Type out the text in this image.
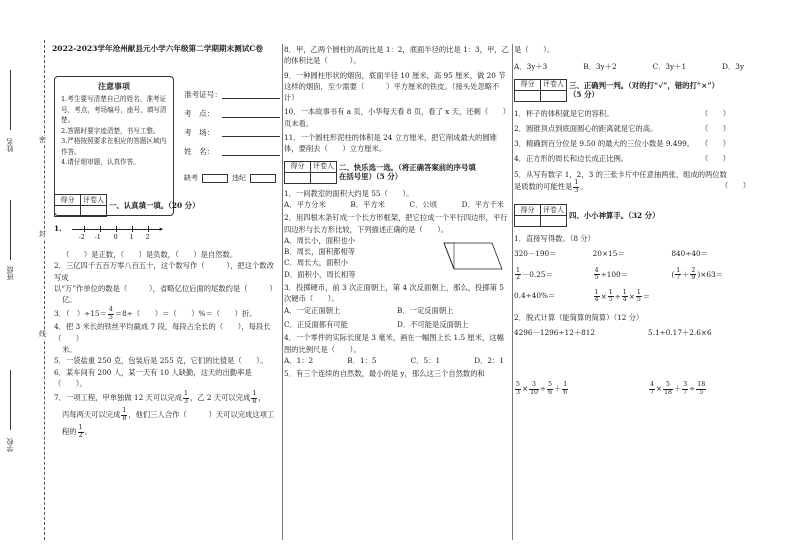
姓名
班级
学校
密
封
线
2022-2023学年沧州献县元小学六年级第二学期期末测试C卷
注意事项

1.考生要写清楚自己的姓名，准考证号，考点，考场编号，座号，填写清楚。

2.答题时要字迹清楚，书写工整。

3.严格按照要求在相应的答题区域内作答。

4.请仔细审题，认真作答。

准考证号：
考　点：
考　场：
姓　名：
缺考	违纪
得分	评卷人

一、认真填一填。（20 分）
1.	▸
-2 -1 0 1 2
（　　）是正数，（　　）是负数，（　　）是自然数。
2．三亿四千五百万零八百五十，这个数写作（　　　），把这个数改写成
以“万”作单位的数是（　　　），省略亿位后面的尾数约是（　　　）
亿。
3．（　）$\div 15= \frac{4}{5} =8\div$（　　）＝（　　）%＝（　　）折。
4．把 3 米长的铁丝平均截成 7 段，每段占全长的（　　），每段长（　　）
米。
5．一袋盐重 250 克，包装后是 255 克，它们的比值是（　　）。
6．某车间有 200 人，某一天有 10 人缺勤，这天的出勤率是（　　）。
7．一项工程，甲单独做 12 天可以完成 $\frac{1}{3}$ ，乙 2 天可以完成 $\frac{1}{8}$ ，
丙每两天可以完成 $\frac{1}{8}$ ，他们三人合作（　　　）天可以完成这项工
程的 $\frac{1}{2}$ 。
8．甲，乙两个圆柱的高的比是 1：2，底面半径的比是 1：3，甲，乙的体积比是（　　　）。
9．一种圆柱形状的烟囱，底面半径 10 厘米，高 95 厘米，做 20 节这样的烟囱，至少需要（　　　）平方厘米的铁皮。（接头处忽略不计）
10．一本故事书有 a 页，小华每天看 8 页，看了 x 天，还剩（　　）页未看。
11．一个圆柱形泥柱的体积是 24 立方厘米，把它削成最大的圆锥体，要削去（　　）立方厘米。
得分	评卷人
	二、快乐选一选。（将正确答案前的序号填在括号里）（5 分）
1．一间教室的面积大约是 55（　　）。
A．平方分米	B．平方米	C．公顷	D．平方千米
2．用四根木条钉成一个长方形框架，把它拉成一个平行四边形，平行四边形与长方形比较，下列描述正确的是（　　）。
A．周长小，面积也小
B．周长，面积都相等
C．周长大，面积小
D．面积小，周长相等
3．投掷硬币，前 3 次正面朝上，第 4 次反面朝上，那么，投掷第 5 次硬币（　　）。
A．一定正面朝上	B．一定反面朝上
C．正反面都有可能	D．不可能是反面朝上
4．一个零件的实际长度是 3 毫米，画在一幅图上长 1.5 厘米，这幅图的比例尺是（　　）。
A．1：2	B．1：5	C．5：1	D．2：1
5．有三个连续的自然数，最小的是 y，那么这三个自然数的和
是（　　）。
A．3y＋3	B．3y＋2	C．3y＋1	D．3y
得分	评卷人
	三、正确判一判。（对的打“√”，错的打“×”）（5 分）
1．杯子的体积就是它的容积。	（　　）
2．圆锥顶点到底面圆心的距离就是它的高。	（　　）
3．精确到百分位是 9.50 的最大的三位小数是 9.499。 （　　）
4．正方形的周长和边长成正比例。	（　　）
5．从写有数字 1，2，3 的三张卡片中任意抽两张，组成的两位数是质数的可能性是 $\frac{1}{3}$ 。	（　　）
得分	评卷人

四、小小神算手。（32 分）
1．直接写得数。（8 分）
320－190＝	20×15＝	840÷40＝
$\frac{1}{2} -0.25=$	$\frac{4}{5} \div 100=$	( $\frac{1}{7} + \frac{2}{9} )\times 63=$
0.4÷40%＝	$\frac{1}{4} \times \frac{1}{5} \div \frac{1}{4} \times \frac{1}{5}$ ＝
2．脱式计算（能简算的简算）（12 分）
4296－1296÷12＋812	5.1÷0.17＋2.6×6
$\frac{5}{3} \times \frac{3}{10} \div \frac{5}{6} + \frac{1}{6}$	$\frac{4}{7} \times \frac{5}{18} + \frac{3}{7} \div \frac{18}{5}$
